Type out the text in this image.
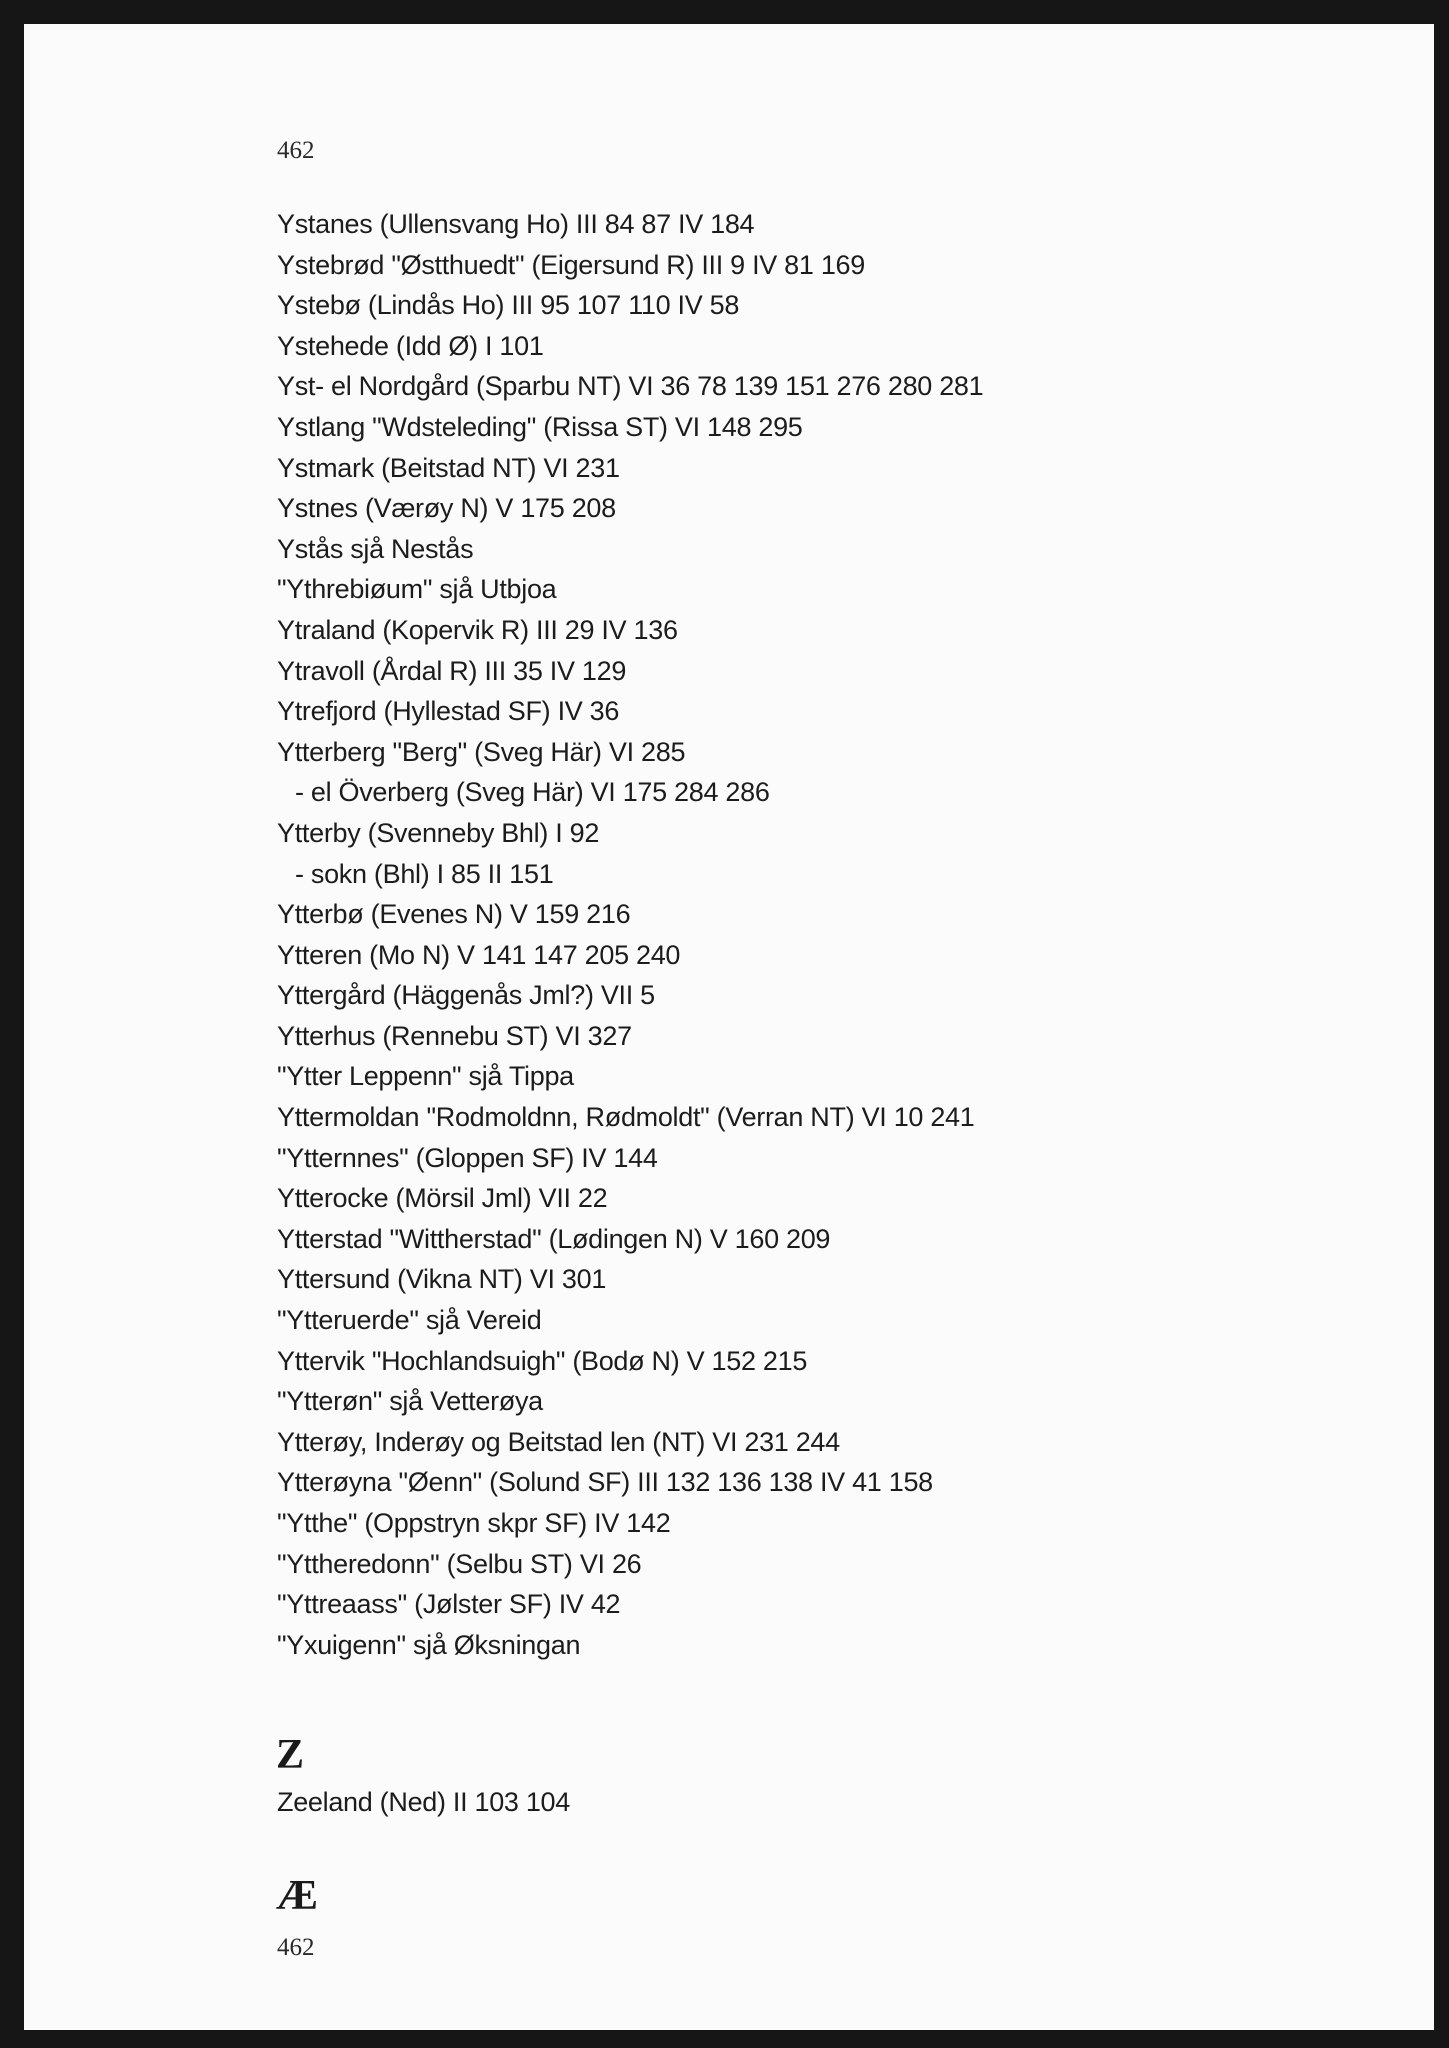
462

Ystanes (Ullensvang Ho) III 84 87 IV 184
Ystebrød "Østthuedt" (Eigersund R) III 9 IV 81 169
Ystebø (Lindås Ho) III 95 107 110 IV 58
Ystehede (Idd Ø) I 101
Yst- el Nordgård (Sparbu NT) VI 36 78 139 151 276 280 281
Ystlang "Wdsteleding" (Rissa ST) VI 148 295
Ystmark (Beitstad NT) VI 231
Ystnes (Værøy N) V 175 208
Ystås sjå Nestås
"Ythrebiøum" sjå Utbjoa
Ytraland (Kopervik R) III 29 IV 136
Ytravoll (Årdal R) III 35 IV 129
Ytrefjord (Hyllestad SF) IV 36
Ytterberg "Berg" (Sveg Här) VI 285
- el Överberg (Sveg Här) VI 175 284 286
Ytterby (Svenneby Bhl) I 92
- sokn (Bhl) I 85 II 151
Ytterbø (Evenes N) V 159 216
Ytteren (Mo N) V 141 147 205 240
Yttergård (Häggenås Jml?) VII 5
Ytterhus (Rennebu ST) VI 327
"Ytter Leppenn" sjå Tippa
Yttermoldan "Rodmoldnn, Rødmoldt" (Verran NT) VI 10 241
"Ytternnes" (Gloppen SF) IV 144
Ytterocke (Mörsil Jml) VII 22
Ytterstad "Wittherstad" (Lødingen N) V 160 209
Yttersund (Vikna NT) VI 301
"Ytteruerde" sjå Vereid
Yttervik "Hochlandsuigh" (Bodø N) V 152 215
"Ytterøn" sjå Vetterøya
Ytterøy, Inderøy og Beitstad len (NT) VI 231 244
Ytterøyna "Øenn" (Solund SF) III 132 136 138 IV 41 158
"Ytthe" (Oppstryn skpr SF) IV 142
"Yttheredonn" (Selbu ST) VI 26
"Yttreaass" (Jølster SF) IV 42
"Yxuigenn" sjå Øksningan
Z
Zeeland (Ned) II 103 104
Æ

462
